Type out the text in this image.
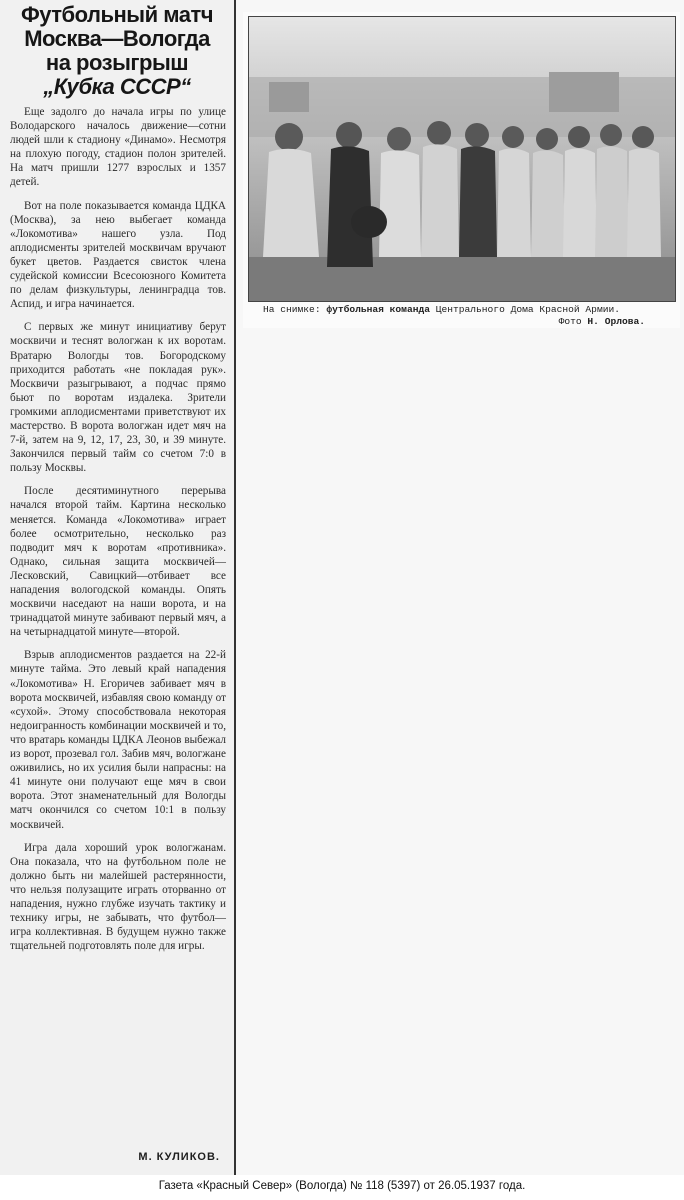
Футбольный матч
Москва—Вологда
на розыгрыш
„Кубка СССР“

Еще задолго до начала игры по улице Володарского началось движение—сотни людей шли к стадиону «Динамо». Несмотря на плохую погоду, стадион полон зрителей. На матч пришли 1277 взрослых и 1357 детей.

Вот на поле показывается команда ЦДКА (Москва), за нею выбегает команда «Локомотива» нашего узла. Под аплодисменты зрителей москвичам вручают букет цветов. Раздается свисток члена судейской комиссии Всесоюзного Комитета по делам физкультуры, ленинградца тов. Аспид, и игра начинается.

С первых же минут инициативу берут москвичи и теснят вологжан к их воротам. Вратарю Вологды тов. Богородскому приходится работать «не покладая рук». Москвичи разыгрывают, а подчас прямо бьют по воротам издалека. Зрители громкими аплодисментами приветствуют их мастерство. В ворота вологжан идет мяч на 7-й, затем на 9, 12, 17, 23, 30, и 39 минуте. Закончился первый тайм со счетом 7:0 в пользу Москвы.

После десятиминутного перерыва начался второй тайм. Картина несколько меняется. Команда «Локомотива» играет более осмотрительно, несколько раз подводит мяч к воротам «противника». Однако, сильная защита москвичей—Лесковский, Савицкий—отбивает все нападения вологодской команды. Опять москвичи наседают на наши ворота, и на тринадцатой минуте забивают первый мяч, а на четырнадцатой минуте—второй.

Взрыв аплодисментов раздается на 22-й минуте тайма. Это левый край нападения «Локомотива» Н. Егоричев забивает мяч в ворота москвичей, избавляя свою команду от «сухой». Этому способствовала некоторая недоигранность комбинации москвичей и то, что вратарь команды ЦДКА Леонов выбежал из ворот, прозевал гол. Забив мяч, вологжане оживились, но их усилия были напрасны: на 41 минуте они получают еще мяч в свои ворота. Этот знаменательный для Вологды матч окончился со счетом 10:1 в пользу москвичей.

Игра дала хороший урок вологжанам. Она показала, что на футбольном поле не должно быть ни малейшей растерянности, что нельзя полузащите играть оторванно от нападения, нужно глубже изучать тактику и технику игры, не забывать, что футбол—игра коллективная. В будущем нужно также тщательней подготовлять поле для игры.

М. КУЛИКОВ.
На снимке: футбольная команда Центрального Дома Красной Армии.
Фото Н. Орлова.
Газета «Красный Север» (Вологда) № 118 (5397) от 26.05.1937 года.
